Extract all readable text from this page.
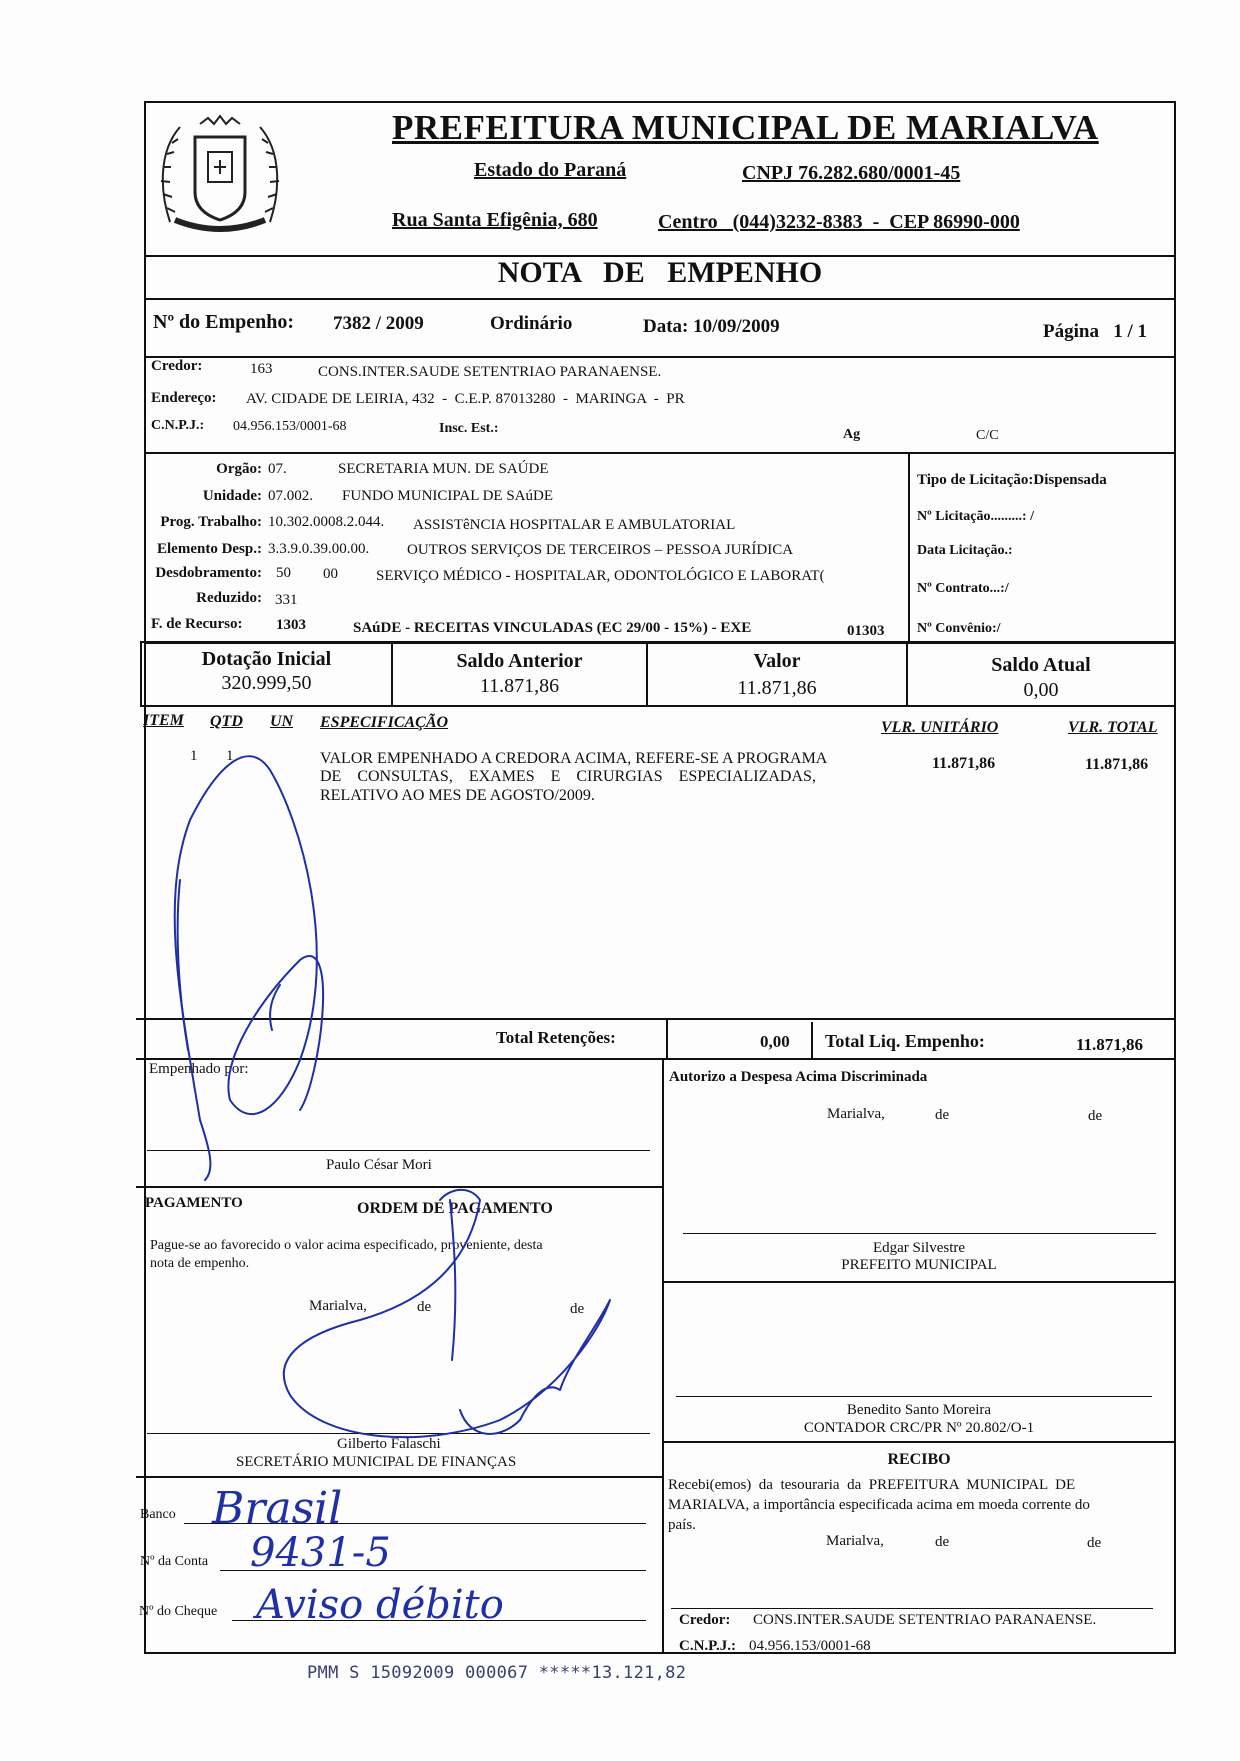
PREFEITURA MUNICIPAL DE MARIALVA
Estado do Paraná	CNPJ 76.282.680/0001-45
Rua Santa Efigênia, 680	Centro   (044)3232-8383  -  CEP 86990-000
NOTA   DE   EMPENHO
Nº do Empenho: 7382 / 2009	Ordinário	Data: 10/09/2009	Página   1 / 1
Credor:	163	CONS.INTER.SAUDE SETENTRIAO PARANAENSE.
Endereço: AV. CIDADE DE LEIRIA, 432  -  C.E.P. 87013280  -  MARINGA  -  PR
C.N.P.J.: 04.956.153/0001-68	Insc. Est.:	Ag	C/C
Orgão: 07.	SECRETARIA MUN. DE SAÚDE
Unidade: 07.002. FUNDO MUNICIPAL DE SAúDE
Prog. Trabalho: 10.302.0008.2.044. ASSISTêNCIA HOSPITALAR E AMBULATORIAL
Elemento Desp.: 3.3.9.0.39.00.00.	OUTROS SERVIÇOS DE TERCEIROS – PESSOA JURÍDICA
Desdobramento: 50 00	SERVIÇO MÉDICO - HOSPITALAR, ODONTOLÓGICO E LABORAT(
Reduzido: 331
F. de Recurso: 1303	SAúDE - RECEITAS VINCULADAS (EC 29/00 - 15%) - EXE	01303
Tipo de Licitação:Dispensada
Nº Licitação.........: /
Data Licitação.:
Nº Contrato...:/
Nº Convênio:/
Dotação Inicial
320.999,50
Saldo Anterior
11.871,86
Valor
11.871,86
Saldo Atual
0,00
ITEM QTD UN ESPECIFICAÇÃO	VLR. UNITÁRIO	VLR. TOTAL
1 1	VALOR EMPENHADO A CREDORA ACIMA, REFERE-SE A PROGRAMA
DE    CONSULTAS,    EXAMES    E    CIRURGIAS    ESPECIALIZADAS,
RELATIVO AO MES DE AGOSTO/2009.
11.871,86	11.871,86
Total Retenções:	0,00 Total Liq. Empenho:	11.871,86
Empenhado por:
Paulo César Mori
Autorizo a Despesa Acima Discriminada
Marialva,	de	de
Edgar Silvestre
PREFEITO MUNICIPAL
Benedito Santo Moreira
CONTADOR CRC/PR Nº 20.802/O-1
PAGAMENTO	ORDEM DE PAGAMENTO
Pague-se ao favorecido o valor acima especificado, proveniente, desta
nota de empenho.
Marialva,	de	de
Gilberto Falaschi
SECRETÁRIO MUNICIPAL DE FINANÇAS
Banco Brasil
Nº da Conta 9431-5
Nº do Cheque Aviso débito
RECIBO
Recebi(emos)  da  tesouraria  da  PREFEITURA  MUNICIPAL  DE
MARIALVA, a importância especificada acima em moeda corrente do
país.
Marialva,	de	de
Credor: CONS.INTER.SAUDE SETENTRIAO PARANAENSE.
C.N.P.J.: 04.956.153/0001-68
PMM S 15092009 000067 *****13.121,82
